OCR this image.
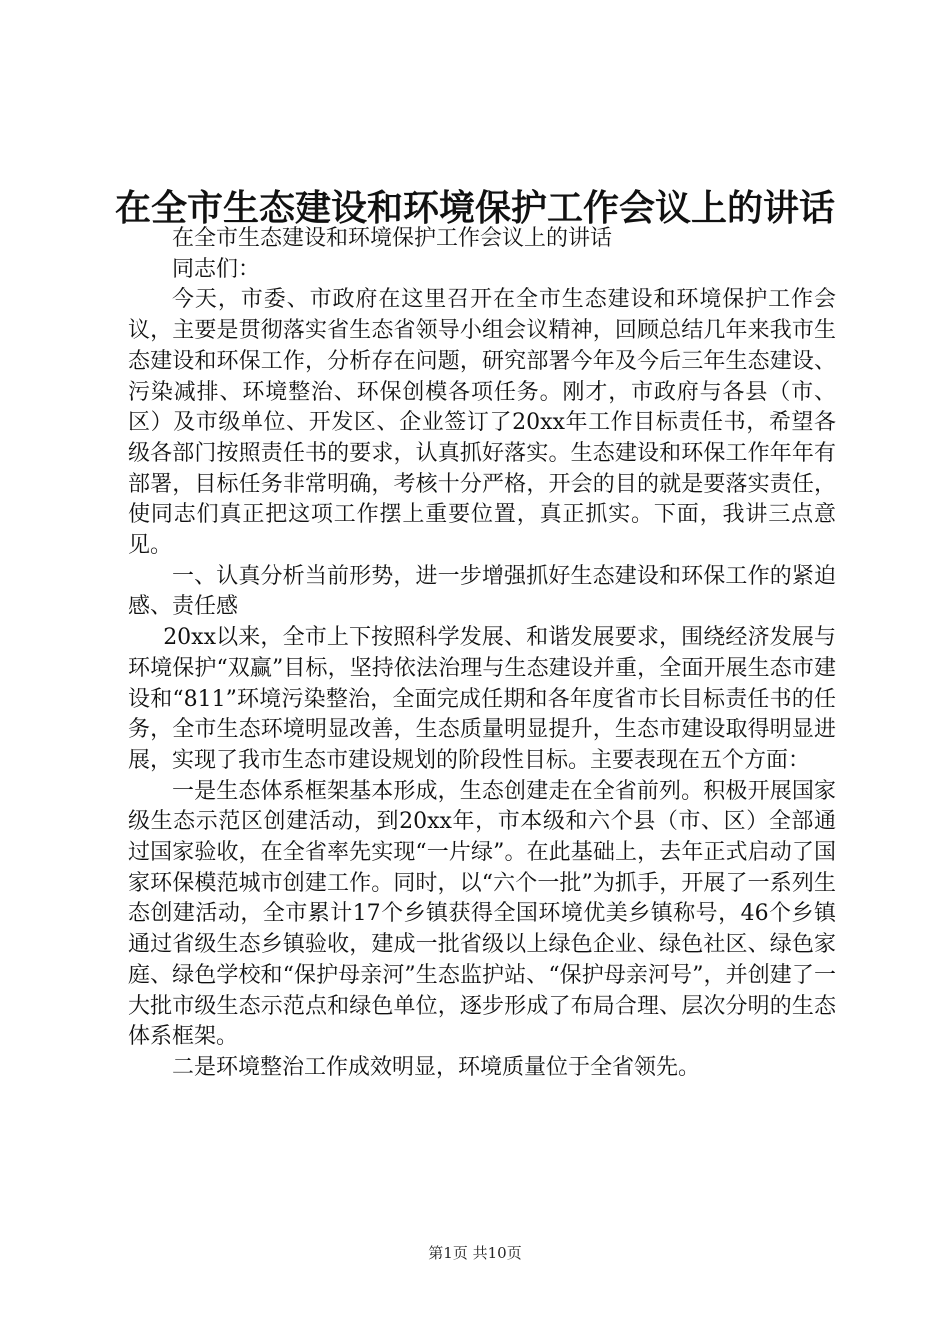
在全市生态建设和环境保护工作会议上的讲话

在全市生态建设和环境保护工作会议上的讲话

同志们：

今天，市委、市政府在这里召开在全市生态建设和环境保护工作会议，主要是贯彻落实省生态省领导小组会议精神，回顾总结几年来我市生态建设和环保工作，分析存在问题，研究部署今年及今后三年生态建设、污染减排、环境整治、环保创模各项任务。刚才，市政府与各县（市、区）及市级单位、开发区、企业签订了20xx年工作目标责任书，希望各级各部门按照责任书的要求，认真抓好落实。生态建设和环保工作年年有部署，目标任务非常明确，考核十分严格，开会的目的就是要落实责任，使同志们真正把这项工作摆上重要位置，真正抓实。下面，我讲三点意见。

一、认真分析当前形势，进一步增强抓好生态建设和环保工作的紧迫感、责任感

20xx以来，全市上下按照科学发展、和谐发展要求，围绕经济发展与环境保护“双赢”目标，坚持依法治理与生态建设并重，全面开展生态市建设和“811”环境污染整治，全面完成任期和各年度省市长目标责任书的任务，全市生态环境明显改善，生态质量明显提升，生态市建设取得明显进展，实现了我市生态市建设规划的阶段性目标。主要表现在五个方面：

一是生态体系框架基本形成，生态创建走在全省前列。积极开展国家级生态示范区创建活动，到20xx年，市本级和六个县（市、区）全部通过国家验收，在全省率先实现“一片绿”。在此基础上，去年正式启动了国家环保模范城市创建工作。同时，以“六个一批”为抓手，开展了一系列生态创建活动，全市累计17个乡镇获得全国环境优美乡镇称号，46个乡镇通过省级生态乡镇验收，建成一批省级以上绿色企业、绿色社区、绿色家庭、绿色学校和“保护母亲河”生态监护站、“保护母亲河号”，并创建了一大批市级生态示范点和绿色单位，逐步形成了布局合理、层次分明的生态体系框架。

二是环境整治工作成效明显，环境质量位于全省领先。

第1页 共10页
